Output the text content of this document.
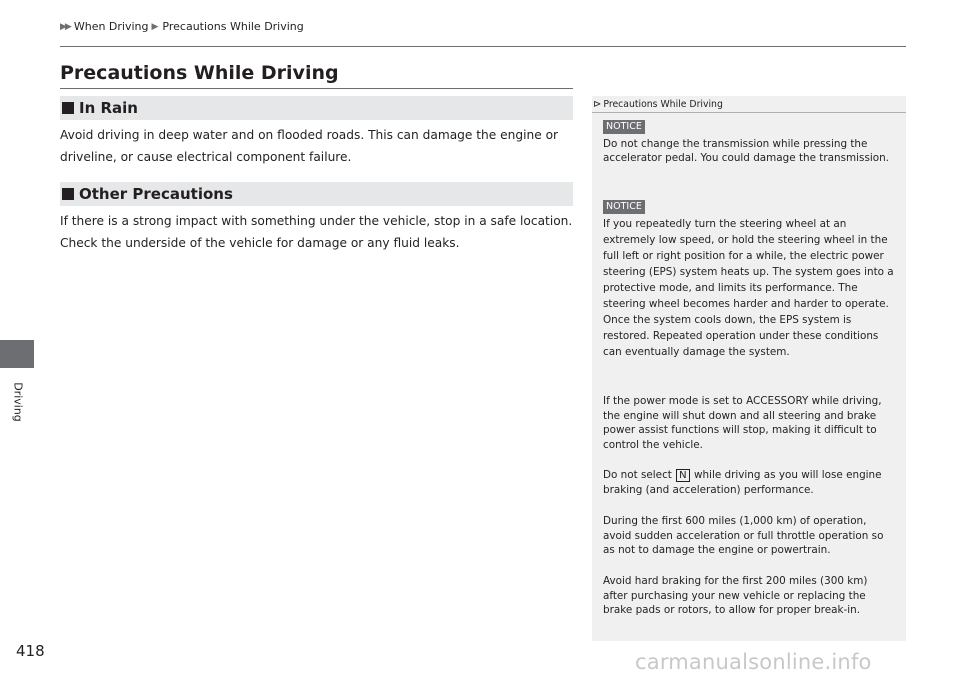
Driving
▶▶ When Driving ▶ Precautions While Driving
Precautions While Driving
In Rain
Avoid driving in deep water and on flooded roads. This can damage the engine or driveline, or cause electrical component failure.
Other Precautions
If there is a strong impact with something under the vehicle, stop in a safe location. Check the underside of the vehicle for damage or any fluid leaks.
⊳ Precautions While Driving
NOTICE
Do not change the transmission while pressing the accelerator pedal. You could damage the transmission.
NOTICE
If you repeatedly turn the steering wheel at an extremely low speed, or hold the steering wheel in the full left or right position for a while, the electric power steering (EPS) system heats up. The system goes into a protective mode, and limits its performance. The steering wheel becomes harder and harder to operate. Once the system cools down, the EPS system is restored. Repeated operation under these conditions can eventually damage the system.
If the power mode is set to ACCESSORY while driving, the engine will shut down and all steering and brake power assist functions will stop, making it difficult to control the vehicle.
Do not select N while driving as you will lose engine braking (and acceleration) performance.
During the first 600 miles (1,000 km) of operation, avoid sudden acceleration or full throttle operation so as not to damage the engine or powertrain.
Avoid hard braking for the first 200 miles (300 km) after purchasing your new vehicle or replacing the brake pads or rotors, to allow for proper break-in.
418	carmanualsonline.info
